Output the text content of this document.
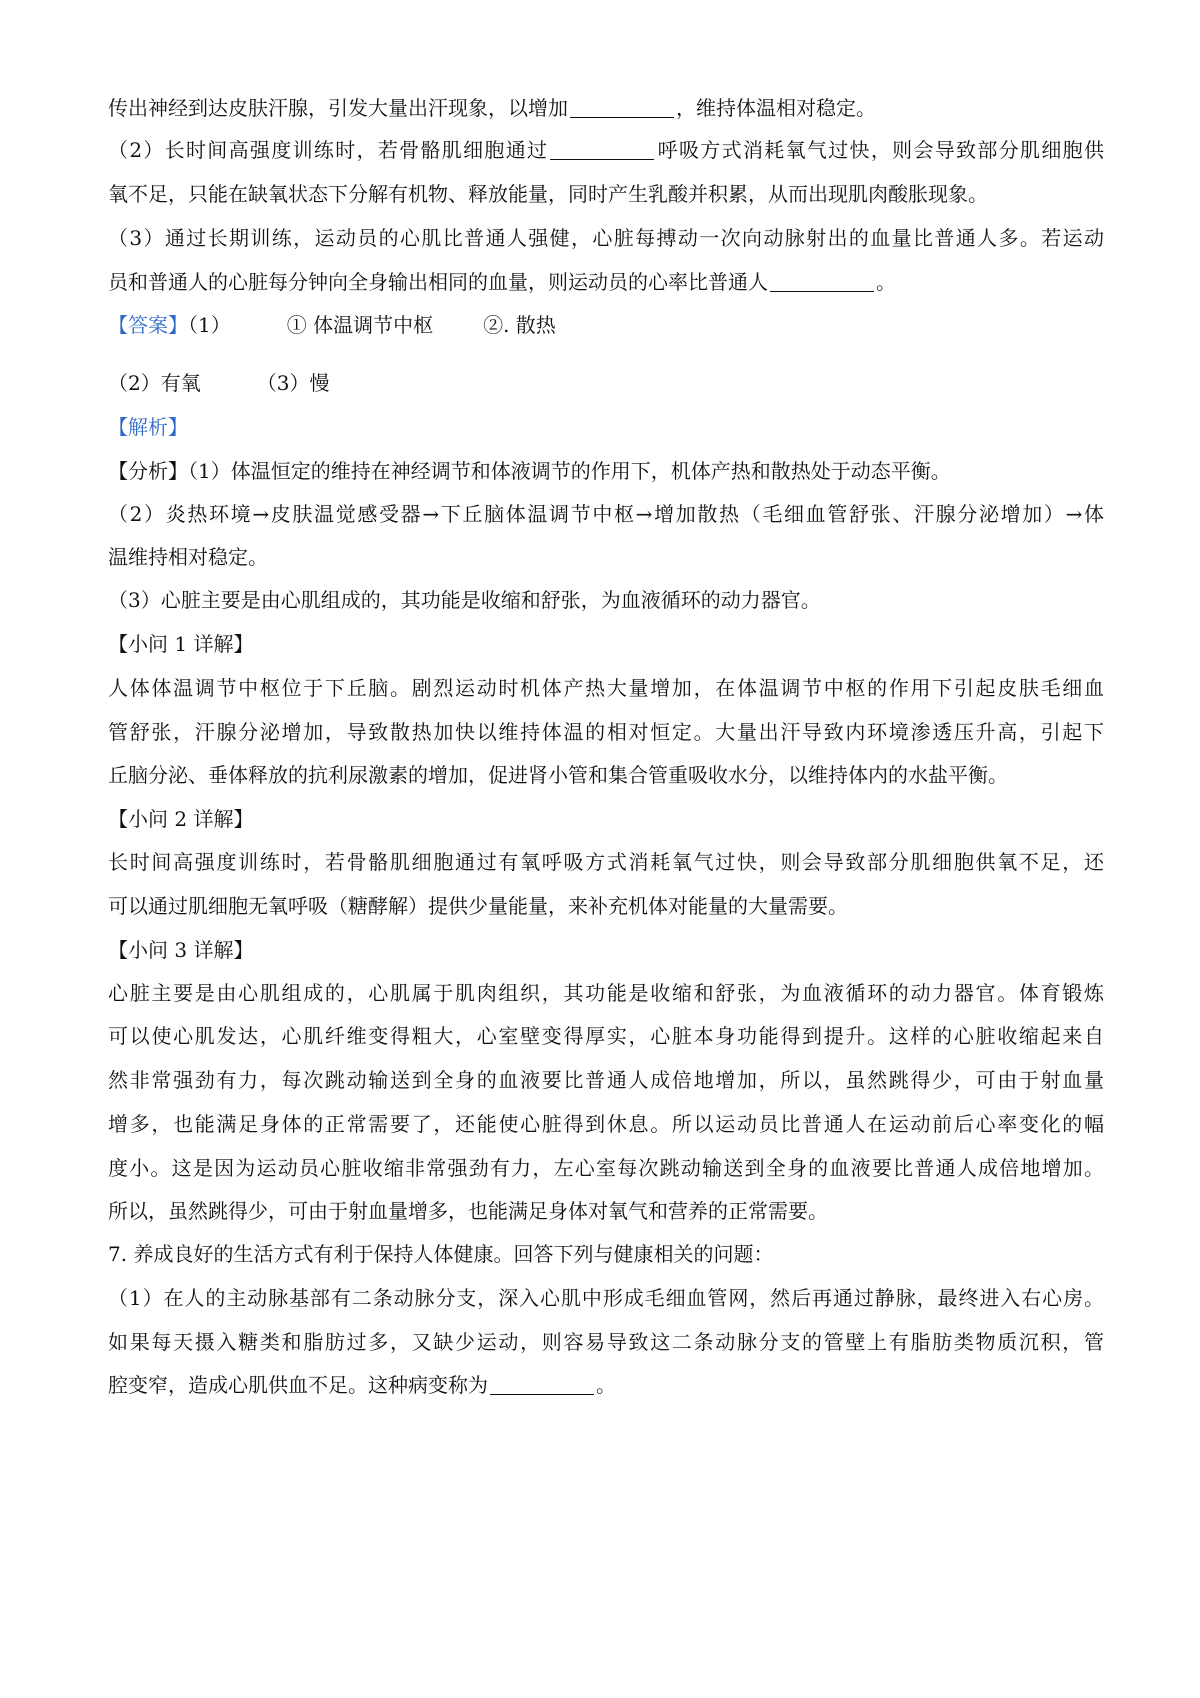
传出神经到达皮肤汗腺，引发大量出汗现象，以增加	，维持体温相对稳定。
（2）长时间高强度训练时，若骨骼肌细胞通过	呼吸方式消耗氧气过快，则会导致部分肌细胞供
氧不足，只能在缺氧状态下分解有机物、释放能量，同时产生乳酸并积累，从而出现肌肉酸胀现象。
（3）通过长期训练，运动员的心肌比普通人强健，心脏每搏动一次向动脉射出的血量比普通人多。若运动
员和普通人的心脏每分钟向全身输出相同的血量，则运动员的心率比普通人	。
【答案】（1）	① 体温调节中枢	②. 散热
（2）有氧	（3）慢
【解析】
【分析】（1）体温恒定的维持在神经调节和体液调节的作用下，机体产热和散热处于动态平衡。
（2）炎热环境→皮肤温觉感受器→下丘脑体温调节中枢→增加散热（毛细血管舒张、汗腺分泌增加）→体
温维持相对稳定。
（3）心脏主要是由心肌组成的，其功能是收缩和舒张，为血液循环的动力器官。
【小问 1 详解】
人体体温调节中枢位于下丘脑。剧烈运动时机体产热大量增加，在体温调节中枢的作用下引起皮肤毛细血
管舒张，汗腺分泌增加，导致散热加快以维持体温的相对恒定。大量出汗导致内环境渗透压升高，引起下
丘脑分泌、垂体释放的抗利尿激素的增加，促进肾小管和集合管重吸收水分，以维持体内的水盐平衡。
【小问 2 详解】
长时间高强度训练时，若骨骼肌细胞通过有氧呼吸方式消耗氧气过快，则会导致部分肌细胞供氧不足，还
可以通过肌细胞无氧呼吸（糖酵解）提供少量能量，来补充机体对能量的大量需要。
【小问 3 详解】
心脏主要是由心肌组成的，心肌属于肌肉组织，其功能是收缩和舒张，为血液循环的动力器官。体育锻炼
可以使心肌发达，心肌纤维变得粗大，心室壁变得厚实，心脏本身功能得到提升。这样的心脏收缩起来自
然非常强劲有力，每次跳动输送到全身的血液要比普通人成倍地增加，所以，虽然跳得少，可由于射血量
增多，也能满足身体的正常需要了，还能使心脏得到休息。所以运动员比普通人在运动前后心率变化的幅
度小。这是因为运动员心脏收缩非常强劲有力，左心室每次跳动输送到全身的血液要比普通人成倍地增加。
所以，虽然跳得少，可由于射血量增多，也能满足身体对氧气和营养的正常需要。
7. 养成良好的生活方式有利于保持人体健康。回答下列与健康相关的问题：
（1）在人的主动脉基部有二条动脉分支，深入心肌中形成毛细血管网，然后再通过静脉，最终进入右心房。
如果每天摄入糖类和脂肪过多，又缺少运动，则容易导致这二条动脉分支的管壁上有脂肪类物质沉积，管
腔变窄，造成心肌供血不足。这种病变称为	。
